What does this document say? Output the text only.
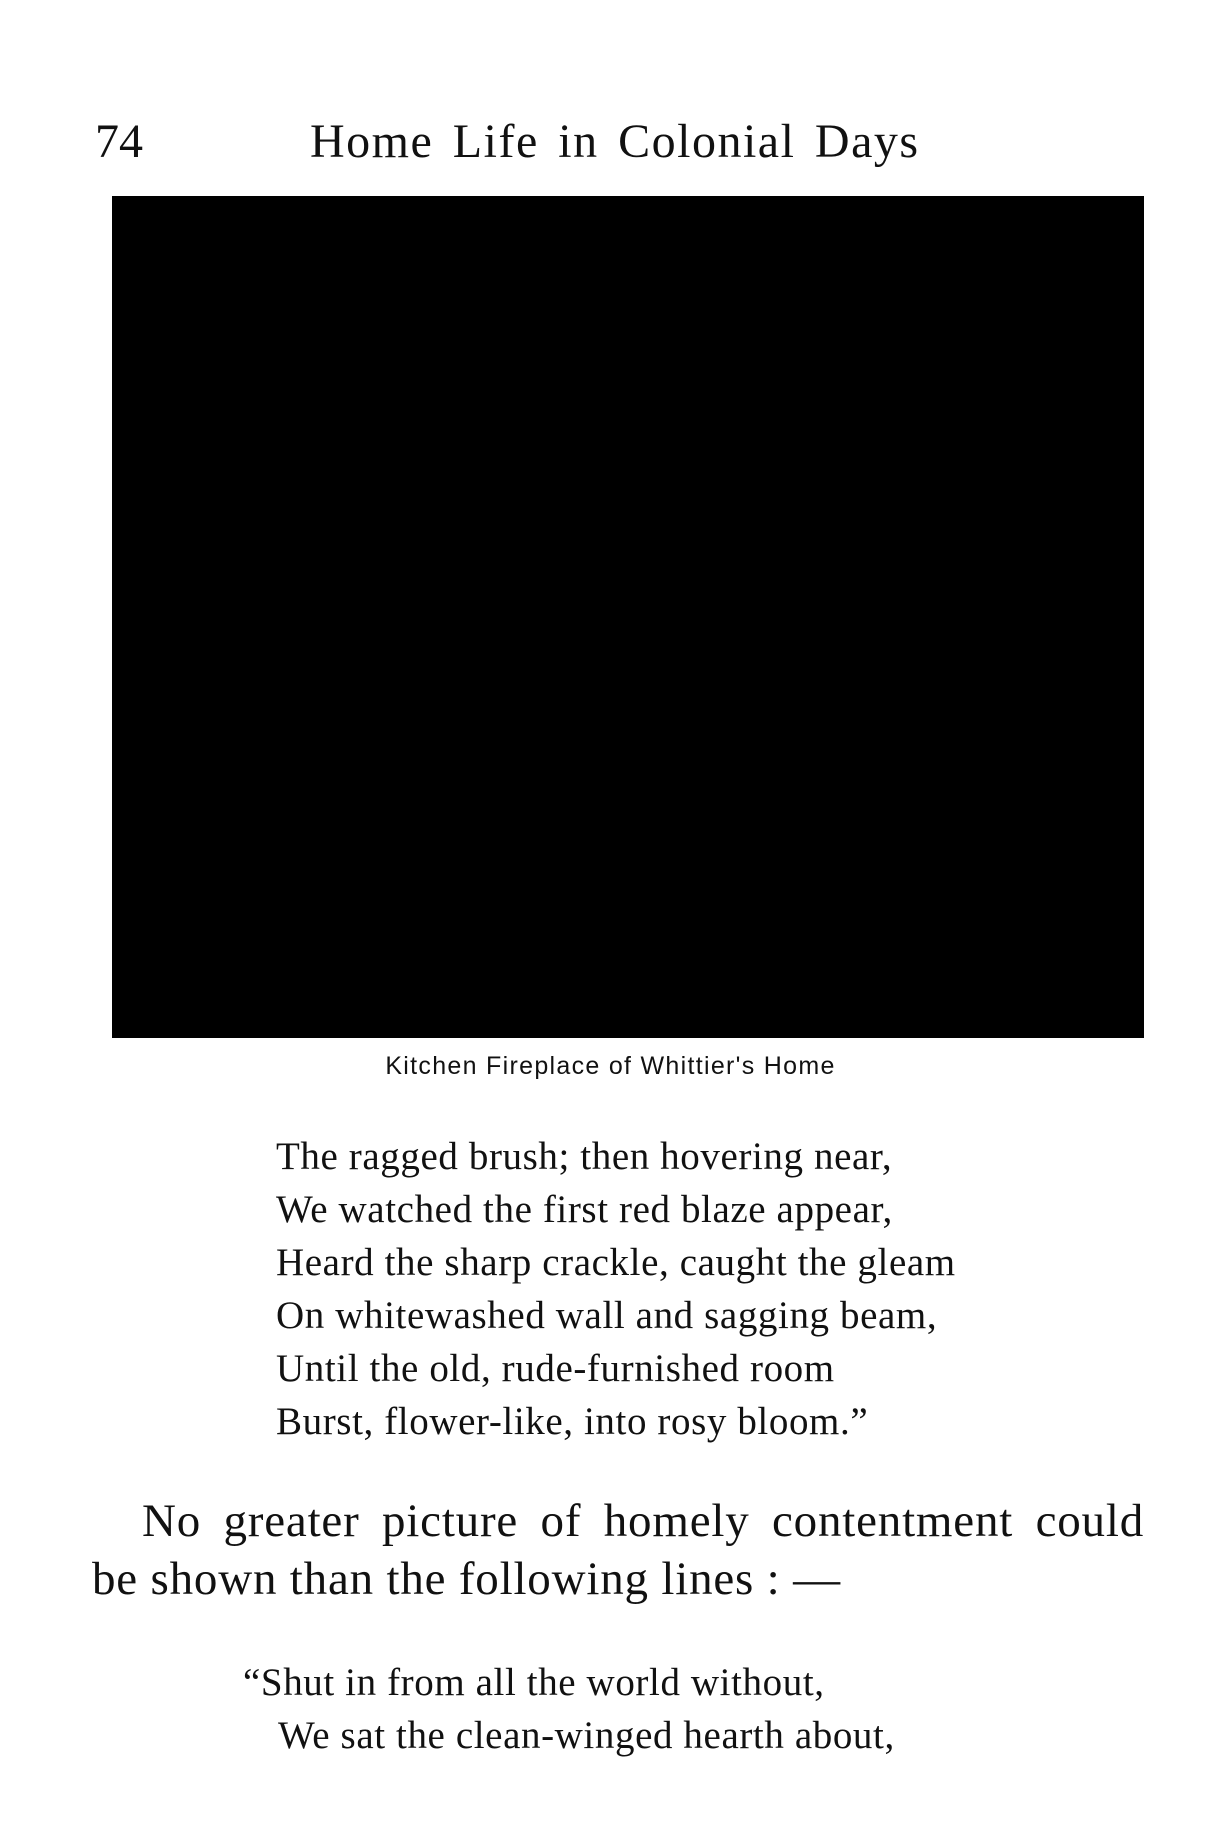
74	Home Life in Colonial Days
Kitchen Fireplace of Whittier's Home
The ragged brush; then hovering near,
We watched the first red blaze appear,
Heard the sharp crackle, caught the gleam
On whitewashed wall and sagging beam,
Until the old, rude-furnished room
Burst, flower-like, into rosy bloom.”
No greater picture of homely contentment could
be shown than the following lines : —
“Shut in from all the world without,
We sat the clean-winged hearth about,
